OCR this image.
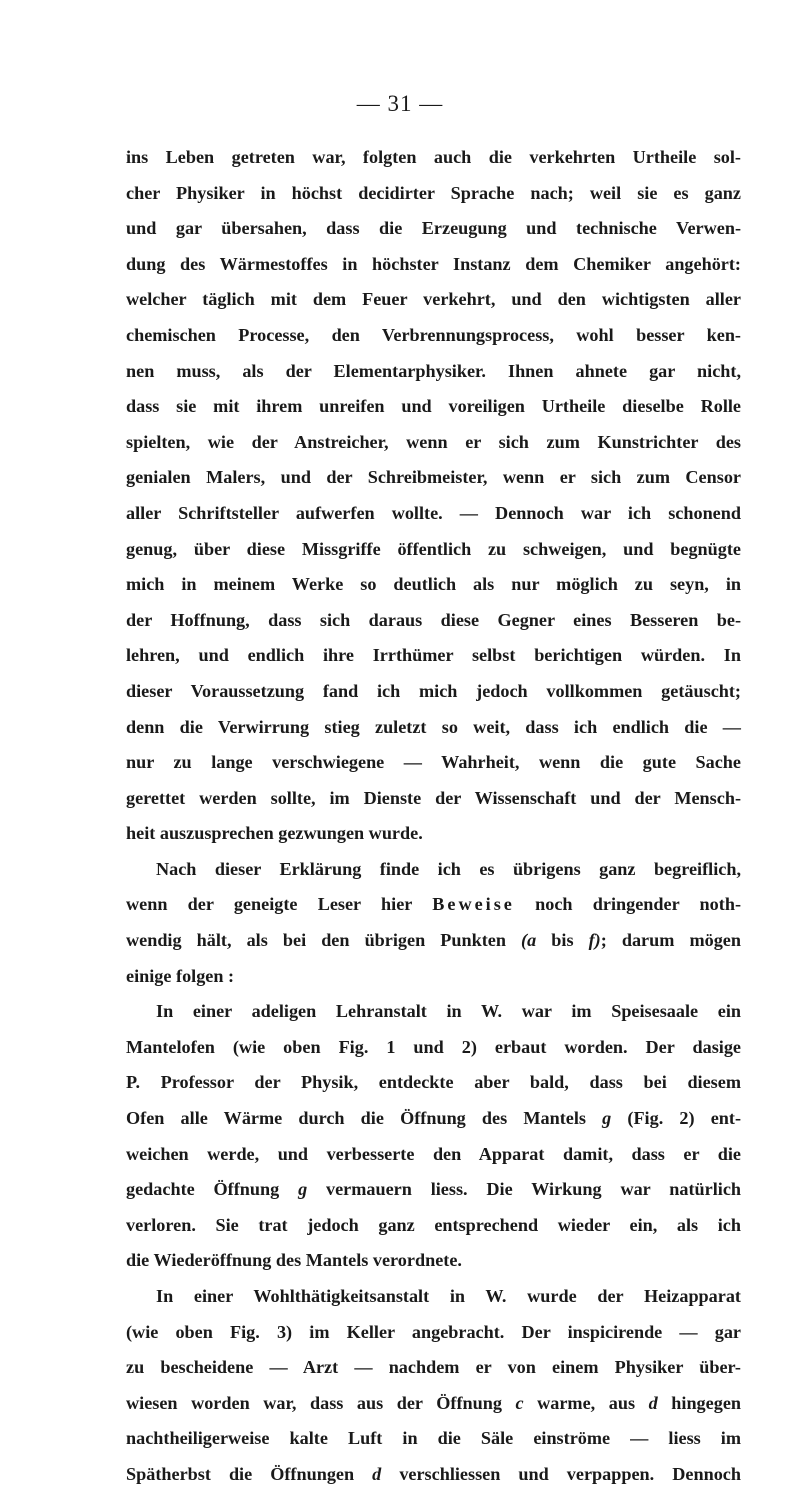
— 31 —
ins Leben getreten war, folgten auch die verkehrten Urtheile sol-
cher Physiker in höchst decidirter Sprache nach; weil sie es ganz
und gar übersahen, dass die Erzeugung und technische Verwen-
dung des Wärmestoffes in höchster Instanz dem Chemiker angehört:
welcher täglich mit dem Feuer verkehrt, und den wichtigsten aller
chemischen Processe, den Verbrennungsprocess, wohl besser ken-
nen muss, als der Elementarphysiker. Ihnen ahnete gar nicht,
dass sie mit ihrem unreifen und voreiligen Urtheile dieselbe Rolle
spielten, wie der Anstreicher, wenn er sich zum Kunstrichter des
genialen Malers, und der Schreibmeister, wenn er sich zum Censor
aller Schriftsteller aufwerfen wollte. — Dennoch war ich schonend
genug, über diese Missgriffe öffentlich zu schweigen, und begnügte
mich in meinem Werke so deutlich als nur möglich zu seyn, in
der Hoffnung, dass sich daraus diese Gegner eines Besseren be-
lehren, und endlich ihre Irrthümer selbst berichtigen würden. In
dieser Voraussetzung fand ich mich jedoch vollkommen getäuscht;
denn die Verwirrung stieg zuletzt so weit, dass ich endlich die —
nur zu lange verschwiegene — Wahrheit, wenn die gute Sache
gerettet werden sollte, im Dienste der Wissenschaft und der Mensch-
heit auszusprechen gezwungen wurde.
Nach dieser Erklärung finde ich es übrigens ganz begreiflich,
wenn der geneigte Leser hier Beweise noch dringender noth-
wendig hält, als bei den übrigen Punkten (a bis f); darum mögen
einige folgen :
In einer adeligen Lehranstalt in W. war im Speisesaale ein
Mantelofen (wie oben Fig. 1 und 2) erbaut worden. Der dasige
P. Professor der Physik, entdeckte aber bald, dass bei diesem
Ofen alle Wärme durch die Öffnung des Mantels g (Fig. 2) ent-
weichen werde, und verbesserte den Apparat damit, dass er die
gedachte Öffnung g vermauern liess. Die Wirkung war natürlich
verloren. Sie trat jedoch ganz entsprechend wieder ein, als ich
die Wiederöffnung des Mantels verordnete.
In einer Wohlthätigkeitsanstalt in W. wurde der Heizapparat
(wie oben Fig. 3) im Keller angebracht. Der inspicirende — gar
zu bescheidene — Arzt — nachdem er von einem Physiker über-
wiesen worden war, dass aus der Öffnung c warme, aus d hingegen
nachtheiligerweise kalte Luft in die Säle einströme — liess im
Spätherbst die Öffnungen d verschliessen und verpappen. Dennoch
